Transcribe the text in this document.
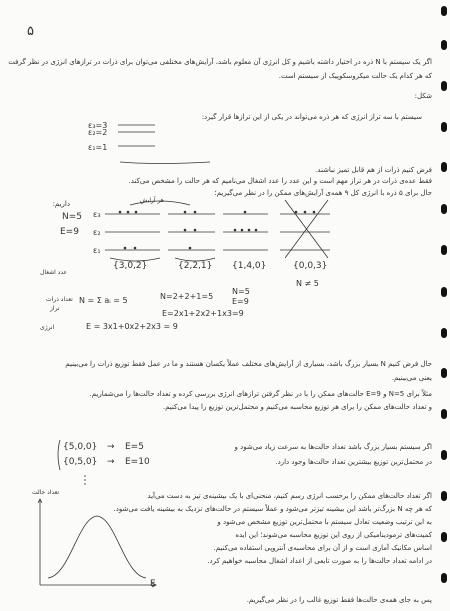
۵
اگر یک سیستم با N ذره در اختیار داشته باشیم و کل انرژی آن معلوم باشد، آرایش‌های مختلفی می‌توان برای ذرات در ترازهای انرژی در نظر گرفت
که هر کدام یک حالت میکروسکوپیک از سیستم است.
شکل:
ε₃=3
ε₂=2
ε₁=1
سیستم با سه تراز انرژی که هر ذره می‌تواند در یکی از این ترازها قرار گیرد:
فرض کنیم ذرات از هم قابل تمیز نباشند.
فقط عده‌ی ذرات در هر تراز مهم است و این عدد را عدد اشغال می‌نامیم که هر حالت را مشخص می‌کند.
حال برای ۵ ذره با انرژی کل ۹ همه‌ی آرایش‌های ممکن را در نظر می‌گیریم؛
داریم:
N=5
E=9
ε₃
ε₂
ε₁
هر آرایش
{3,0,2}	{2,2,1} {1,4,0}	{0,0,3}
N ≠ 5
عدد اشغال
تعداد ذرات
تراز
انرژی
N = Σ aᵢ = 5	N=2+2+1=5
N=5
E=9
E=2x1+2x2+1x3=9
E = 3x1+0x2+2x3 = 9
حال فرض کنیم N بسیار بزرگ باشد، بسیاری از آرایش‌های مختلف عملاً یکسان هستند و ما در عمل فقط توزیع ذرات را می‌بینیم
یعنی می‌بینیم.
مثلاً برای N=5 و E=9 حالت‌های ممکن را با در نظر گرفتن ترازهای انرژی بررسی کرده و تعداد حالت‌ها را می‌شماریم.
و تعداد حالت‌های ممکن را برای هر توزیع محاسبه می‌کنیم و محتمل‌ترین توزیع را پیدا می‌کنیم.
{5,0,0} → E=5
{0,5,0} → E=10
اگر سیستم بسیار بزرگ باشد تعداد حالت‌ها به سرعت زیاد می‌شود و
در محتمل‌ترین توزیع بیشترین تعداد حالت‌ها وجود دارد.
اگر تعداد حالت‌های ممکن را برحسب انرژی رسم کنیم، منحنی‌ای با یک بیشینه‌ی تیز به دست می‌آید
که هر چه N بزرگ‌تر باشد این بیشینه تیزتر می‌شود و عملاً سیستم در حالت‌های نزدیک به بیشینه یافت می‌شود.
به این ترتیب وضعیت تعادل سیستم با محتمل‌ترین توزیع مشخص می‌شود و
کمیت‌های ترمودینامیکی از روی این توزیع محاسبه می‌شوند؛ این ایده
اساس مکانیک آماری است و از آن برای محاسبه‌ی آنتروپی استفاده می‌کنیم.
در ادامه تعداد حالت‌ها را به صورت تابعی از اعداد اشغال محاسبه خواهیم کرد.
پس به جای همه‌ی حالت‌ها فقط توزیع غالب را در نظر می‌گیریم.
تعداد حالت
E
